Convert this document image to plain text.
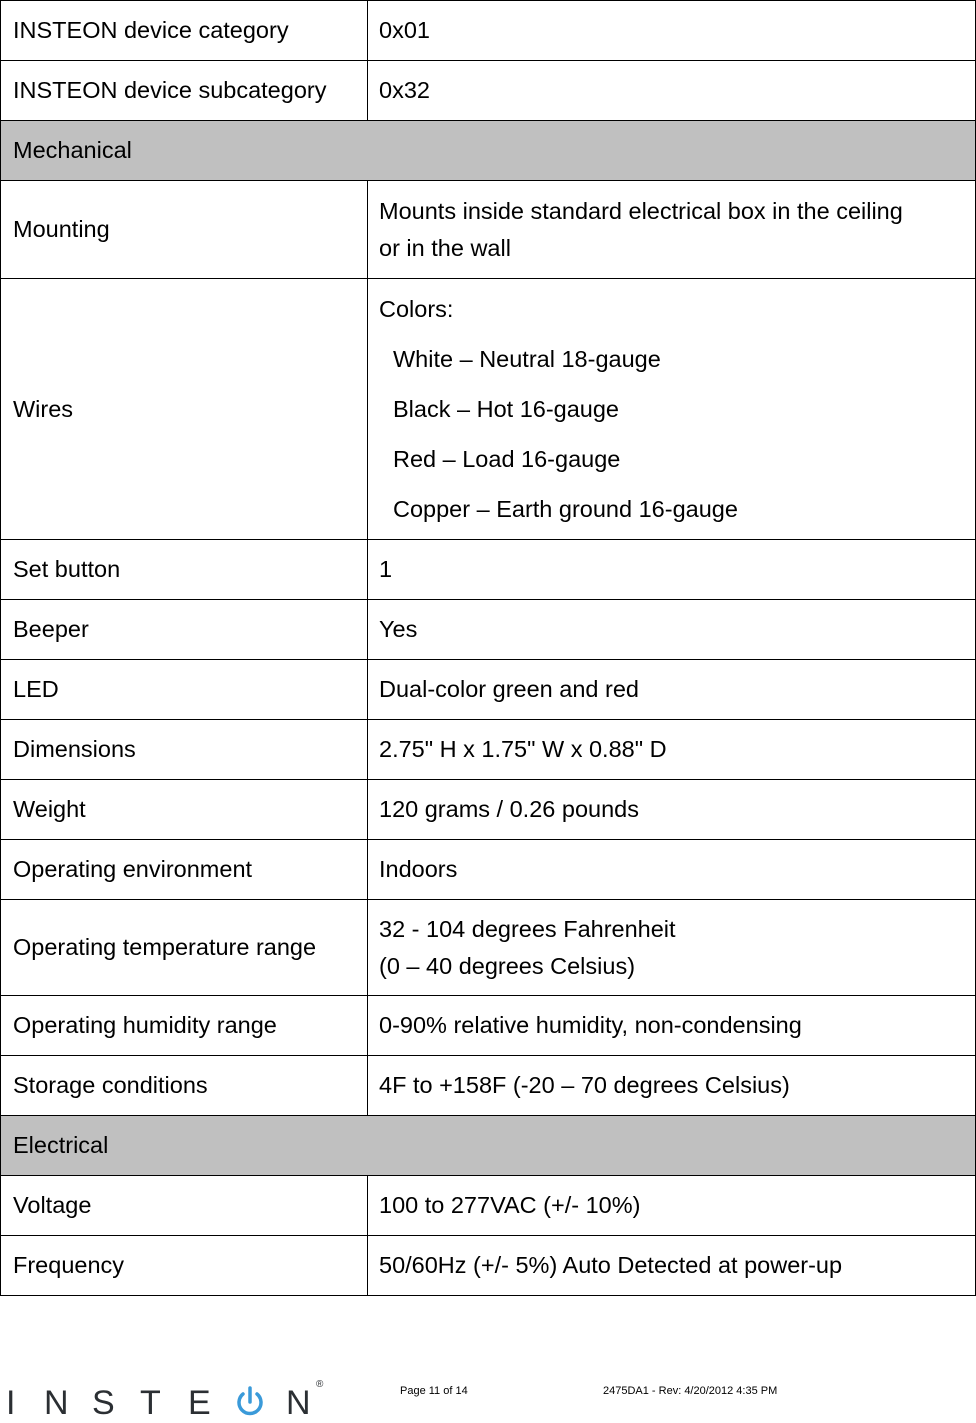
INSTEON device category	0x01
INSTEON device subcategory	0x32
Mechanical	
Mounting	Mounts inside standard electrical box in the ceiling
or in the wall

Wires	Colors:
White – Neutral 18-gauge
Black – Hot 16-gauge
Red – Load 16-gauge
Copper – Earth ground 16-gauge

Set button	1
Beeper	Yes
LED	Dual-color green and red
Dimensions	2.75" H x 1.75" W x 0.88" D
Weight	120 grams / 0.26 pounds
Operating environment	Indoors
Operating temperature range	32 - 104 degrees Fahrenheit
(0 – 40 degrees Celsius)

Operating humidity range	0-90% relative humidity, non-condensing
Storage conditions	4F to +158F (-20 – 70 degrees Celsius)
Electrical	
Voltage	100 to 277VAC (+/- 10%)
Frequency	50/60Hz (+/- 5%) Auto Detected at power-up
I N S T E N ®
Page 11 of 14	2475DA1 - Rev: 4/20/2012 4:35 PM
